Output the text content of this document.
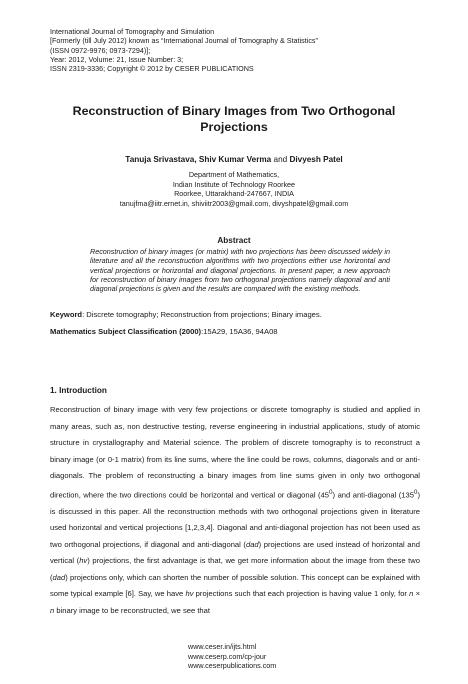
International Journal of Tomography and Simulation
[Formerly (till July 2012) known as “International Journal of Tomography & Statistics”
(ISSN 0972-9976; 0973-7294)];
Year: 2012, Volume: 21, Issue Number: 3;
ISSN 2319-3336; Copyright © 2012 by CESER PUBLICATIONS
Reconstruction of Binary Images from Two Orthogonal Projections
Tanuja Srivastava, Shiv Kumar Verma and Divyesh Patel
Department of Mathematics,
Indian Institute of Technology Roorkee
Roorkee, Uttarakhand-247667, INDIA
tanujfma@iitr.ernet.in, shiviitr2003@gmail.com, divyshpatel@gmail.com
Abstract
Reconstruction of binary images (or matrix) with two projections has been discussed widely in literature and all the reconstruction algorithms with two projections either use horizontal and vertical projections or horizontal and diagonal projections. In present paper, a new approach for reconstruction of binary images from two orthogonal projections namely diagonal and anti diagonal projections is given and the results are compared with the existing methods.
Keyword: Discrete tomography; Reconstruction from projections; Binary images.
Mathematics Subject Classification (2000):15A29, 15A36, 94A08
1. Introduction
Reconstruction of binary image with very few projections or discrete tomography is studied and applied in many areas, such as, non destructive testing, reverse engineering in industrial applications, study of atomic structure in crystallography and Material science. The problem of discrete tomography is to reconstruct a binary image (or 0-1 matrix) from its line sums, where the line could be rows, columns, diagonals and or anti-diagonals. The problem of reconstructing a binary images from line sums given in only two orthogonal direction, where the two directions could be horizontal and vertical or diagonal $(45^0)$ and anti-diagonal $(135^0)$ is discussed in this paper. All the reconstruction methods with two orthogonal projections given in literature used horizontal and vertical projections [1,2,3,4]. Diagonal and anti-diagonal projection has not been used as two orthogonal projections, if diagonal and anti-diagonal (dad) projections are used instead of horizontal and vertical (hv) projections, the first advantage is that, we get more information about the image from these two (dad) projections only, which can shorten the number of possible solution. This concept can be explained with some typical example [6]. Say, we have hv projections such that each projection is having value 1 only, for n × n binary image to be reconstructed, we see that
www.ceser.in/ijts.html
www.ceserp.com/cp-jour
www.ceserpublications.com
